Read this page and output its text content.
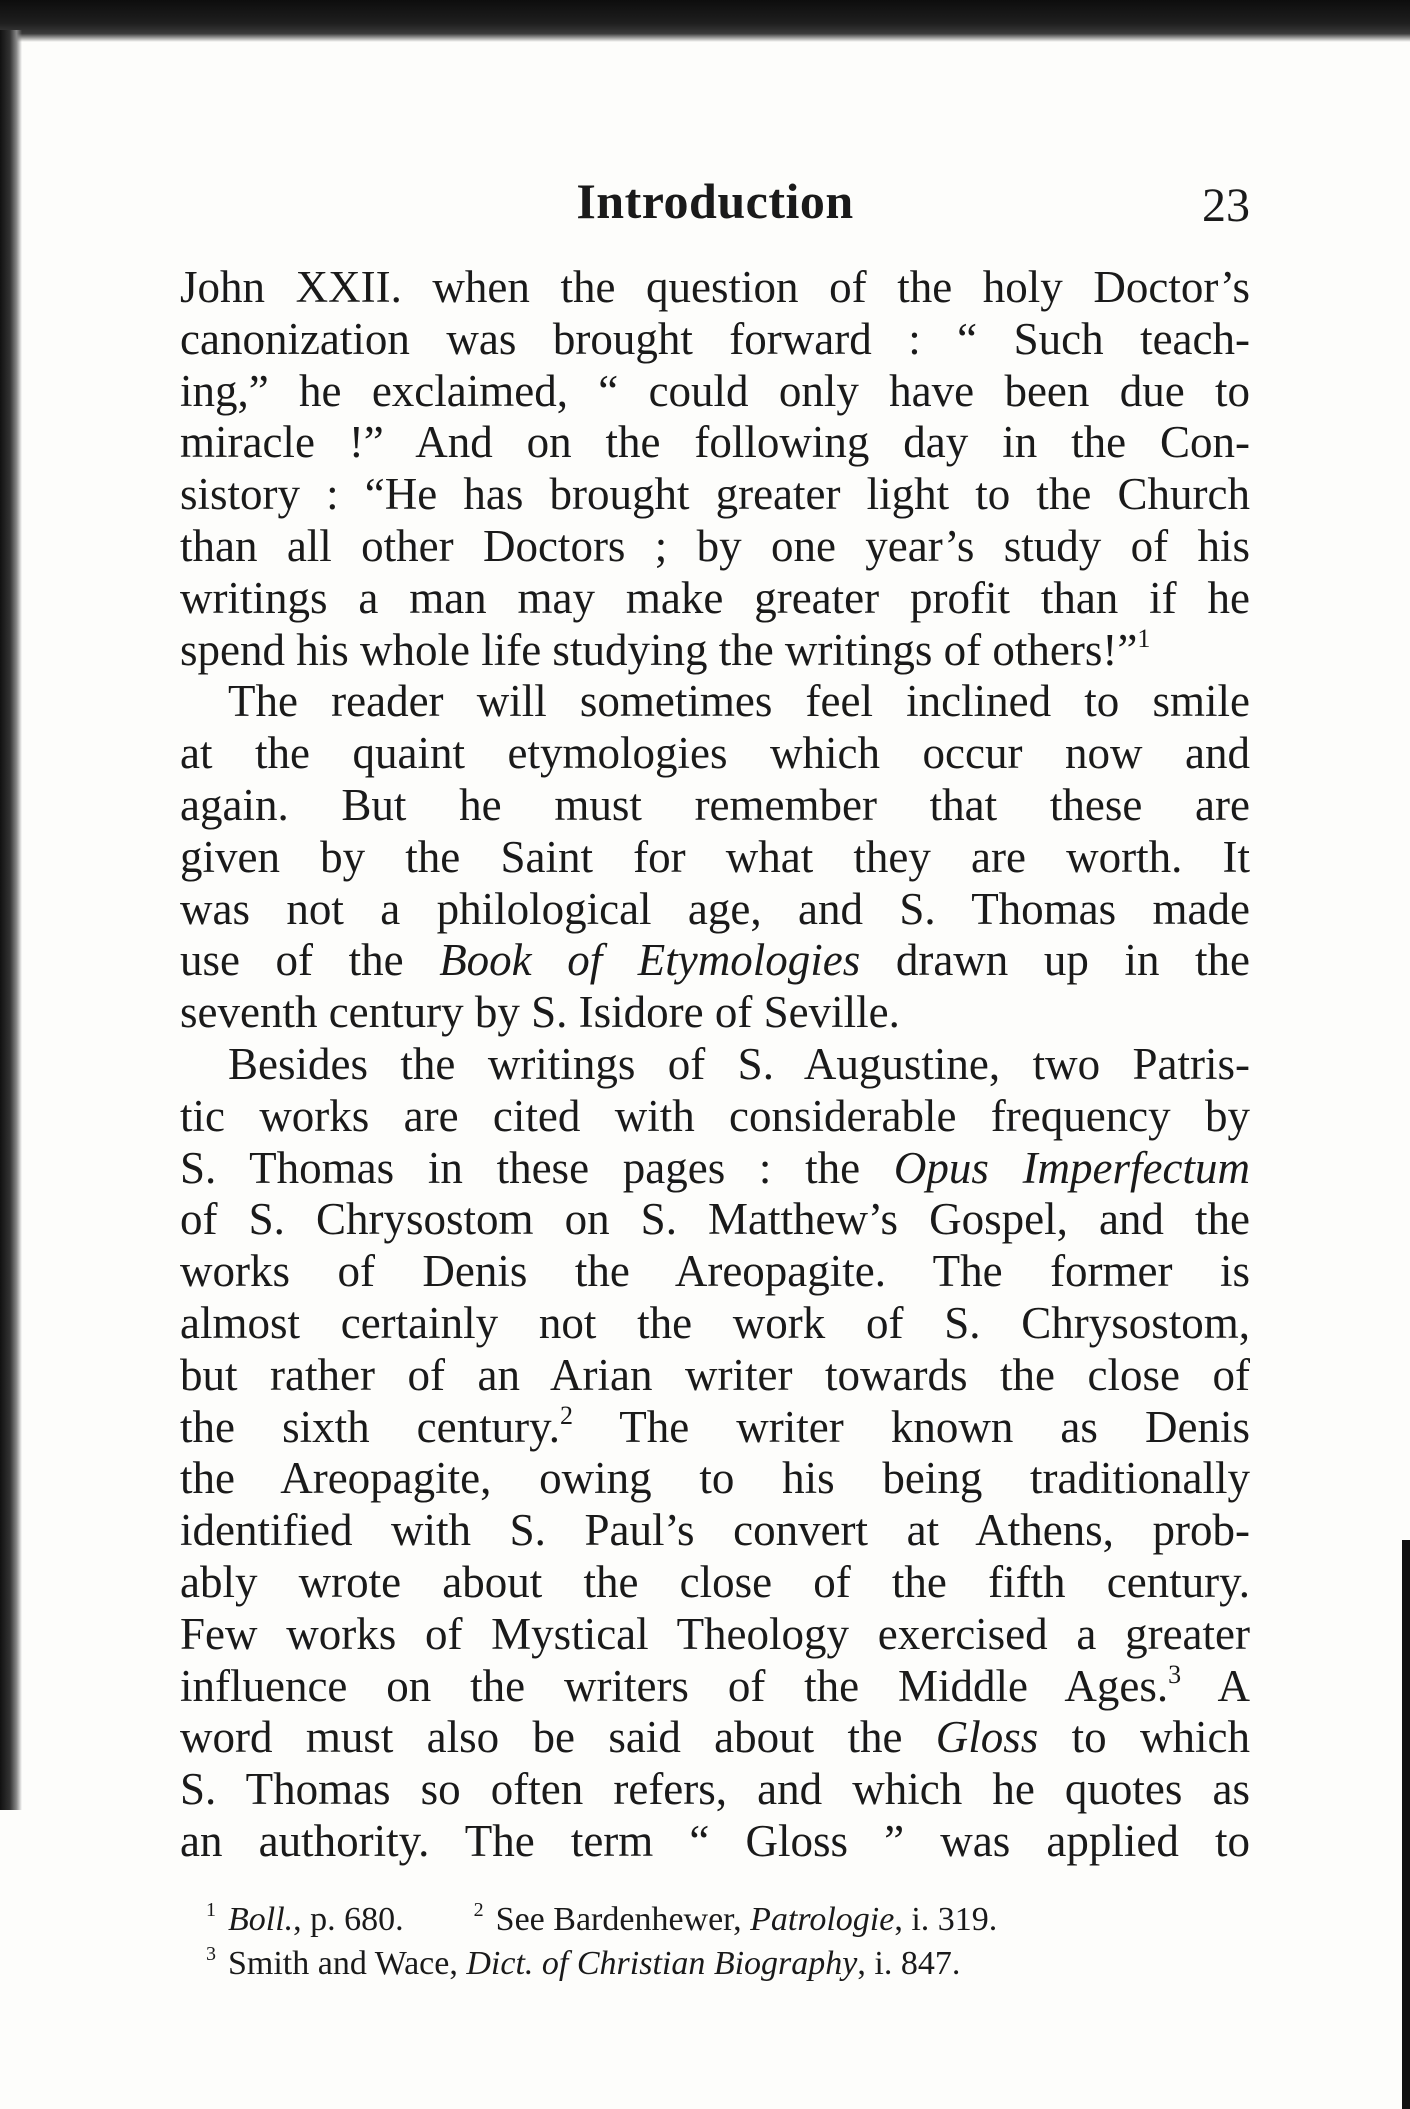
Introduction	23
John XXII. when the question of the holy Doctor’s
canonization was brought forward : “ Such teach-
ing,” he exclaimed, “ could only have been due to
miracle !” And on the following day in the Con-
sistory : “He has brought greater light to the Church
than all other Doctors ; by one year’s study of his
writings a man may make greater profit than if he
spend his whole life studying the writings of others!”$^1$
The reader will sometimes feel inclined to smile
at the quaint etymologies which occur now and
again. But he must remember that these are
given by the Saint for what they are worth. It
was not a philological age, and S. Thomas made
use of the Book of Etymologies drawn up in the
seventh century by S. Isidore of Seville.
Besides the writings of S. Augustine, two Patris-
tic works are cited with considerable frequency by
S. Thomas in these pages : the Opus Imperfectum
of S. Chrysostom on S. Matthew’s Gospel, and the
works of Denis the Areopagite. The former is
almost certainly not the work of S. Chrysostom,
but rather of an Arian writer towards the close of
the sixth century.$^2$ The writer known as Denis
the Areopagite, owing to his being traditionally
identified with S. Paul’s convert at Athens, prob-
ably wrote about the close of the fifth century.
Few works of Mystical Theology exercised a greater
influence on the writers of the Middle Ages.$^3$ A
word must also be said about the Gloss to which
S. Thomas so often refers, and which he quotes as
an authority. The term “ Gloss ” was applied to
$^1$ Boll., p. 680.	$^2$ See Bardenhewer, Patrologie, i. 319.
$^3$ Smith and Wace, Dict. of Christian Biography, i. 847.
